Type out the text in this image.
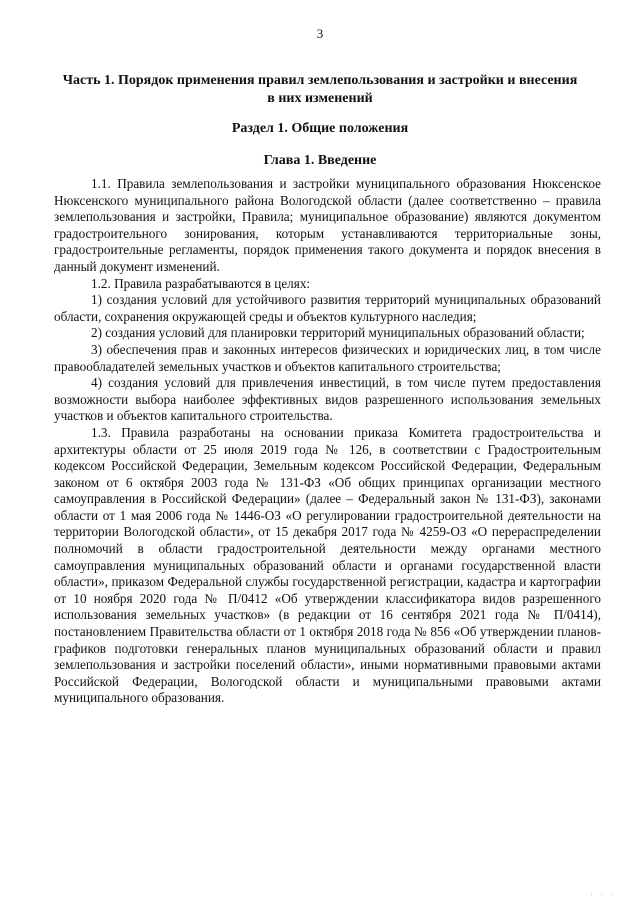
3
Часть 1. Порядок применения правил землепользования и застройки и внесения в них изменений
Раздел 1. Общие положения
Глава 1. Введение

1.1. Правила землепользования и застройки муниципального образования Нюксенское Нюксенского муниципального района Вологодской области (далее соответственно – правила землепользования и застройки, Правила; муниципальное образование) являются документом градостроительного зонирования, которым устанавливаются территориальные зоны, градостроительные регламенты, порядок применения такого документа и порядок внесения в данный документ изменений.

1.2. Правила разрабатываются в целях:

1) создания условий для устойчивого развития территорий муниципальных образований области, сохранения окружающей среды и объектов культурного наследия;

2) создания условий для планировки территорий муниципальных образований области;

3) обеспечения прав и законных интересов физических и юридических лиц, в том числе правообладателей земельных участков и объектов капитального строительства;

4) создания условий для привлечения инвестиций, в том числе путем предоставления возможности выбора наиболее эффективных видов разрешенного использования земельных участков и объектов капитального строительства.

1.3. Правила разработаны на основании приказа Комитета градостроительства и архитектуры области от 25 июля 2019 года № 126, в соответствии с Градостроительным кодексом Российской Федерации, Земельным кодексом Российской Федерации, Федеральным законом от 6 октября 2003 года № 131-ФЗ «Об общих принципах организации местного самоуправления в Российской Федерации» (далее – Федеральный закон № 131-ФЗ), законами области от 1 мая 2006 года № 1446-ОЗ «О регулировании градостроительной деятельности на территории Вологодской области», от 15 декабря 2017 года № 4259-ОЗ «О перераспределении полномочий в области градостроительной деятельности между органами местного самоуправления муниципальных образований области и органами государственной власти области», приказом Федеральной службы государственной регистрации, кадастра и картографии от 10 ноября 2020 года № П/0412 «Об утверждении классификатора видов разрешенного использования земельных участков» (в редакции от 16 сентября 2021 года № П/0414), постановлением Правительства области от 1 октября 2018 года № 856 «Об утверждении планов-графиков подготовки генеральных планов муниципальных образований области и правил землепользования и застройки поселений области», иными нормативными правовыми актами Российской Федерации, Вологодской области и муниципальными правовыми актами муниципального образования.

· · ·
